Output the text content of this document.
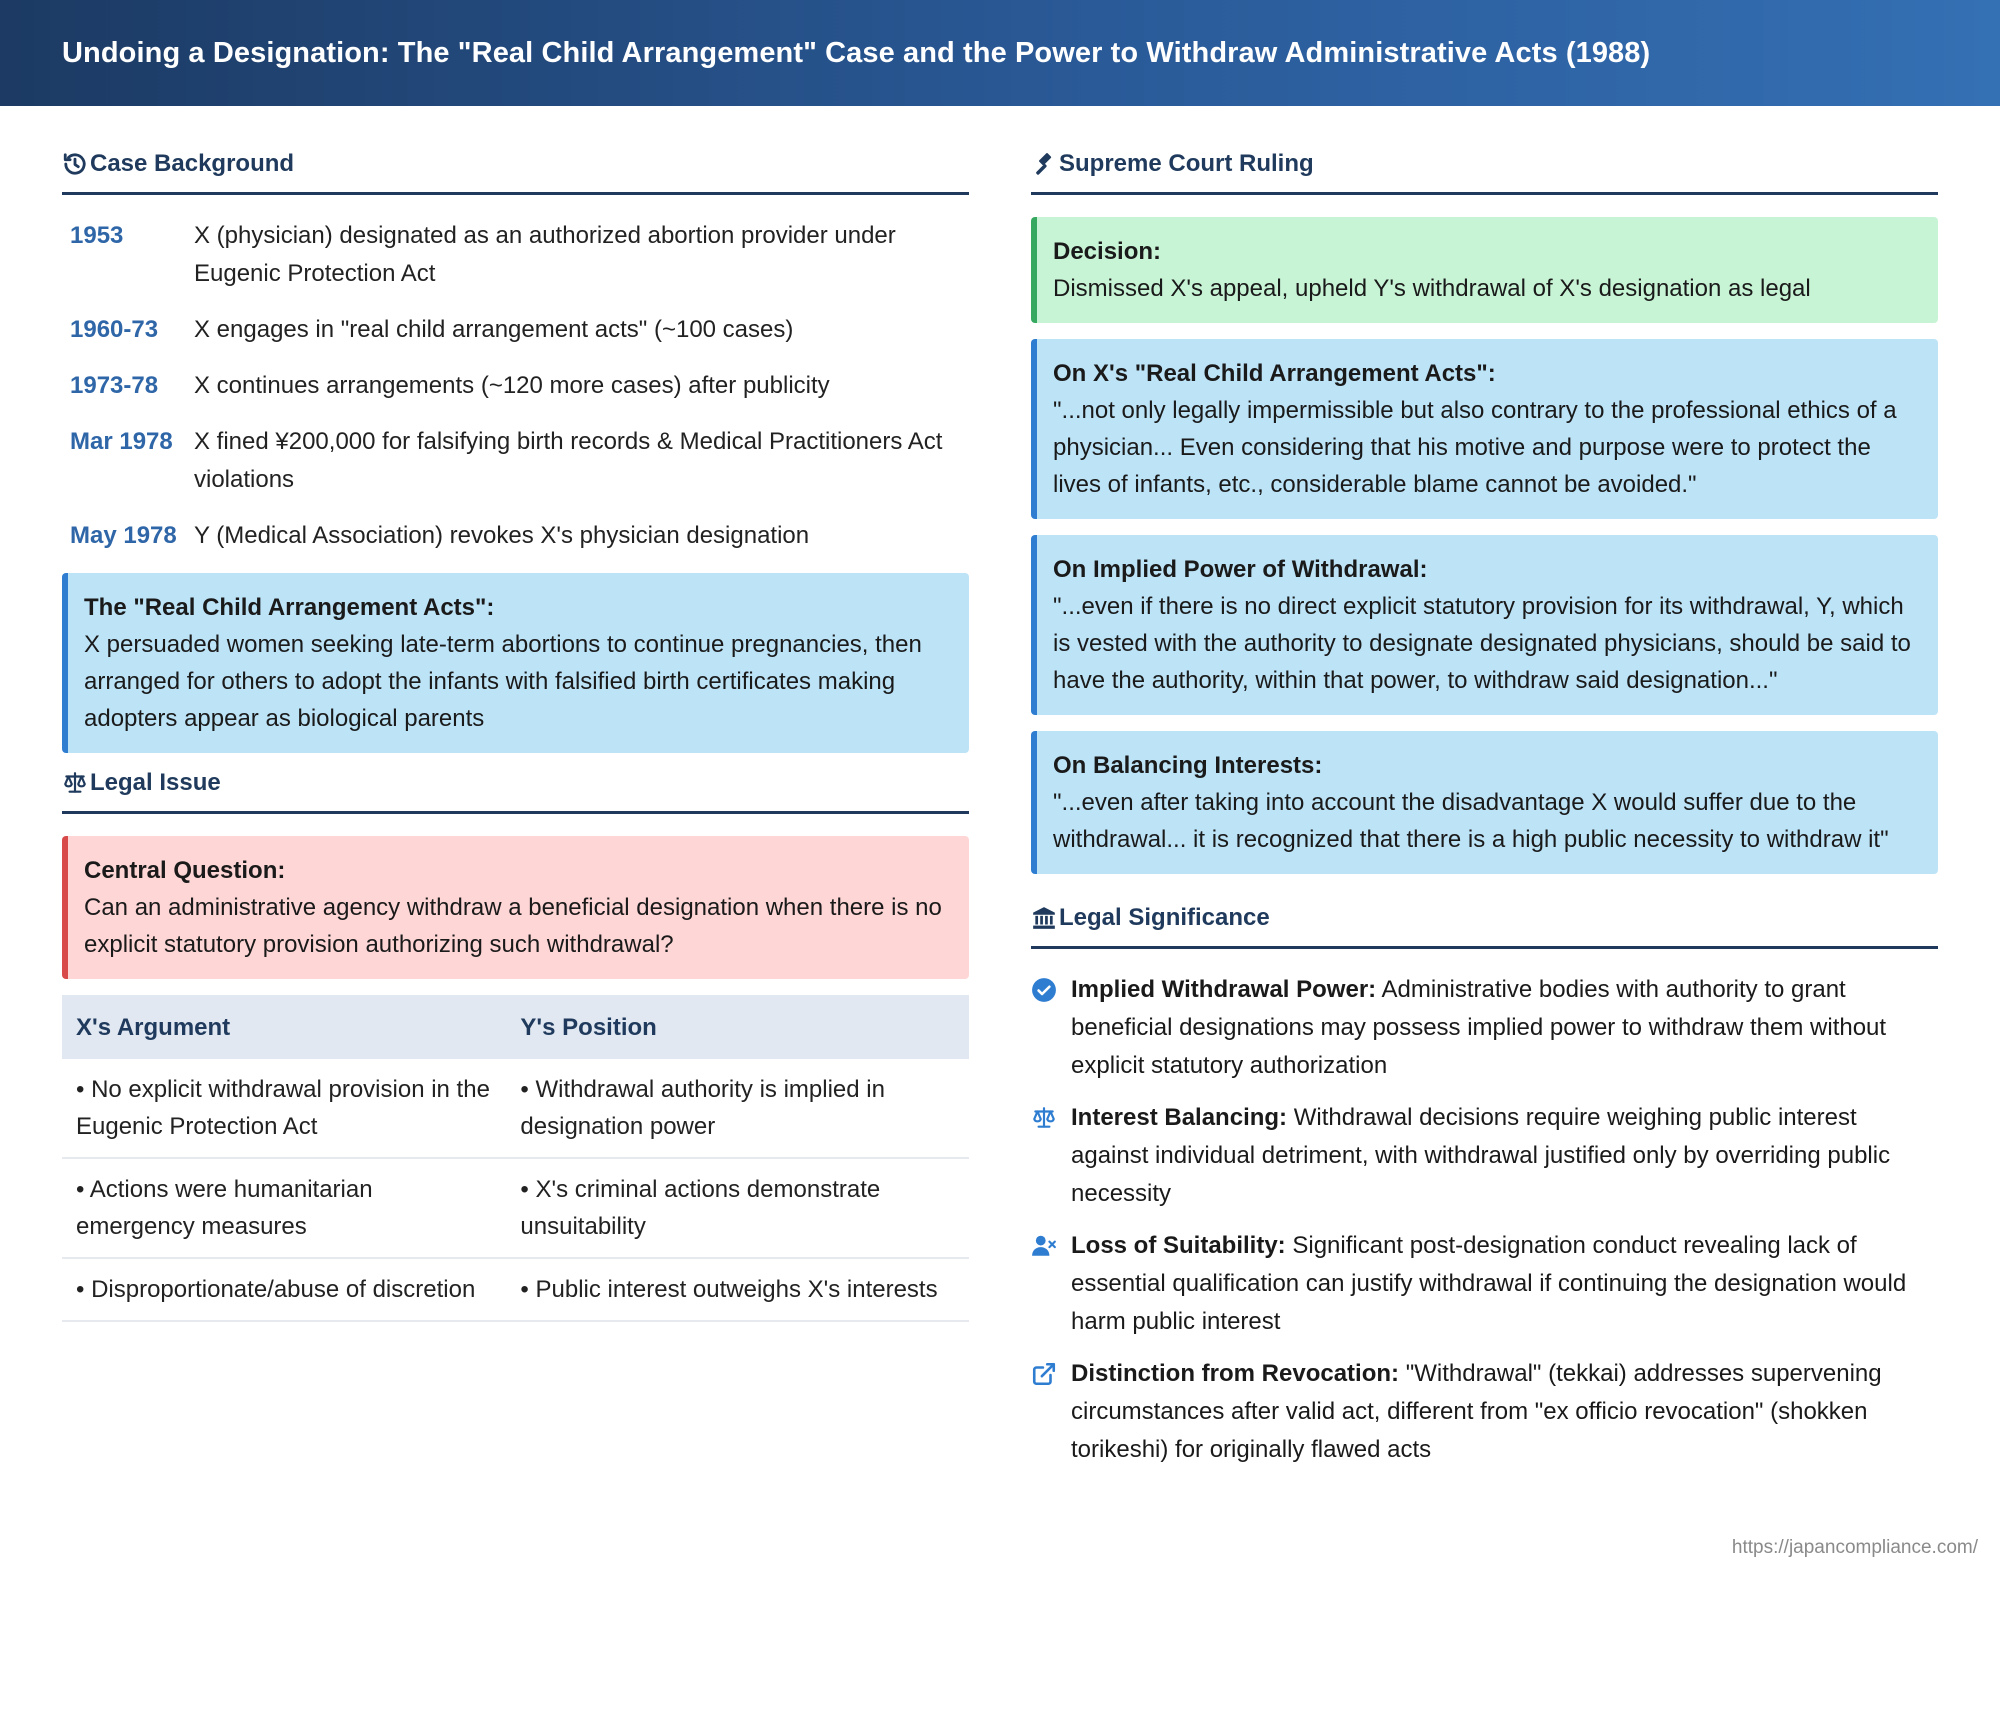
Undoing a Designation: The "Real Child Arrangement" Case and the Power to Withdraw Administrative Acts (1988)
Case Background
1953	X (physician) designated as an authorized abortion provider under Eugenic Protection Act
1960-73	X engages in "real child arrangement acts" (~100 cases)
1973-78	X continues arrangements (~120 more cases) after publicity
Mar 1978 X fined ¥200,000 for falsifying birth records & Medical Practitioners Act violations
May 1978 Y (Medical Association) revokes X's physician designation
The "Real Child Arrangement Acts":
X persuaded women seeking late-term abortions to continue pregnancies, then arranged for others to adopt the infants with falsified birth certificates making adopters appear as biological parents
Legal Issue
Central Question:
Can an administrative agency withdraw a beneficial designation when there is no explicit statutory provision authorizing such withdrawal?
X's Argument	Y's Position
• No explicit withdrawal provision in the Eugenic Protection Act	• Withdrawal authority is implied in designation power
• Actions were humanitarian emergency measures	• X's criminal actions demonstrate unsuitability
• Disproportionate/abuse of discretion	• Public interest outweighs X's interests
Supreme Court Ruling
Decision:
Dismissed X's appeal, upheld Y's withdrawal of X's designation as legal
On X's "Real Child Arrangement Acts":
"...not only legally impermissible but also contrary to the professional ethics of a physician... Even considering that his motive and purpose were to protect the lives of infants, etc., considerable blame cannot be avoided."
On Implied Power of Withdrawal:
"...even if there is no direct explicit statutory provision for its withdrawal, Y, which is vested with the authority to designate designated physicians, should be said to have the authority, within that power, to withdraw said designation..."
On Balancing Interests:
"...even after taking into account the disadvantage X would suffer due to the withdrawal... it is recognized that there is a high public necessity to withdraw it"
Legal Significance
Implied Withdrawal Power: Administrative bodies with authority to grant beneficial designations may possess implied power to withdraw them without explicit statutory authorization
Interest Balancing: Withdrawal decisions require weighing public interest against individual detriment, with withdrawal justified only by overriding public necessity
Loss of Suitability: Significant post-designation conduct revealing lack of essential qualification can justify withdrawal if continuing the designation would harm public interest
Distinction from Revocation: "Withdrawal" (tekkai) addresses supervening circumstances after valid act, different from "ex officio revocation" (shokken torikeshi) for originally flawed acts
https://japancompliance.com/
